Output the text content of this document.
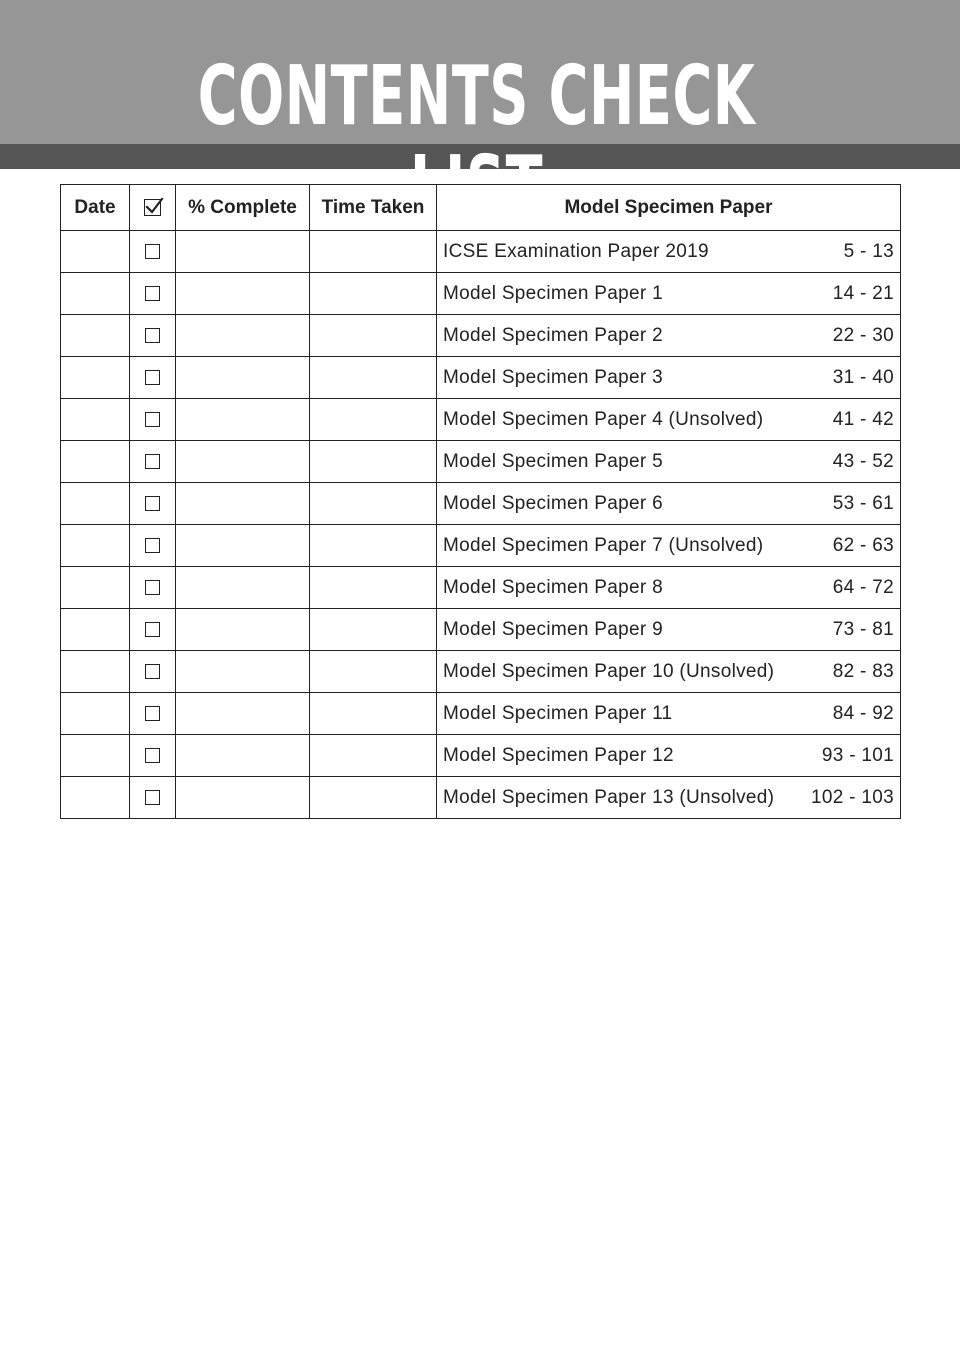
CONTENTS CHECK LIST
Date		% Complete	Time Taken	Model Specimen Paper

				ICSE Examination Paper 2019 5 - 13

				Model Specimen Paper 1 14 - 21

				Model Specimen Paper 2 22 - 30

				Model Specimen Paper 3 31 - 40

				Model Specimen Paper 4 (Unsolved) 41 - 42

				Model Specimen Paper 5 43 - 52

				Model Specimen Paper 6 53 - 61

				Model Specimen Paper 7 (Unsolved) 62 - 63

				Model Specimen Paper 8 64 - 72

				Model Specimen Paper 9 73 - 81

				Model Specimen Paper 10 (Unsolved) 82 - 83

				Model Specimen Paper 11 84 - 92

				Model Specimen Paper 12 93 - 101

				Model Specimen Paper 13 (Unsolved) 102 - 103
